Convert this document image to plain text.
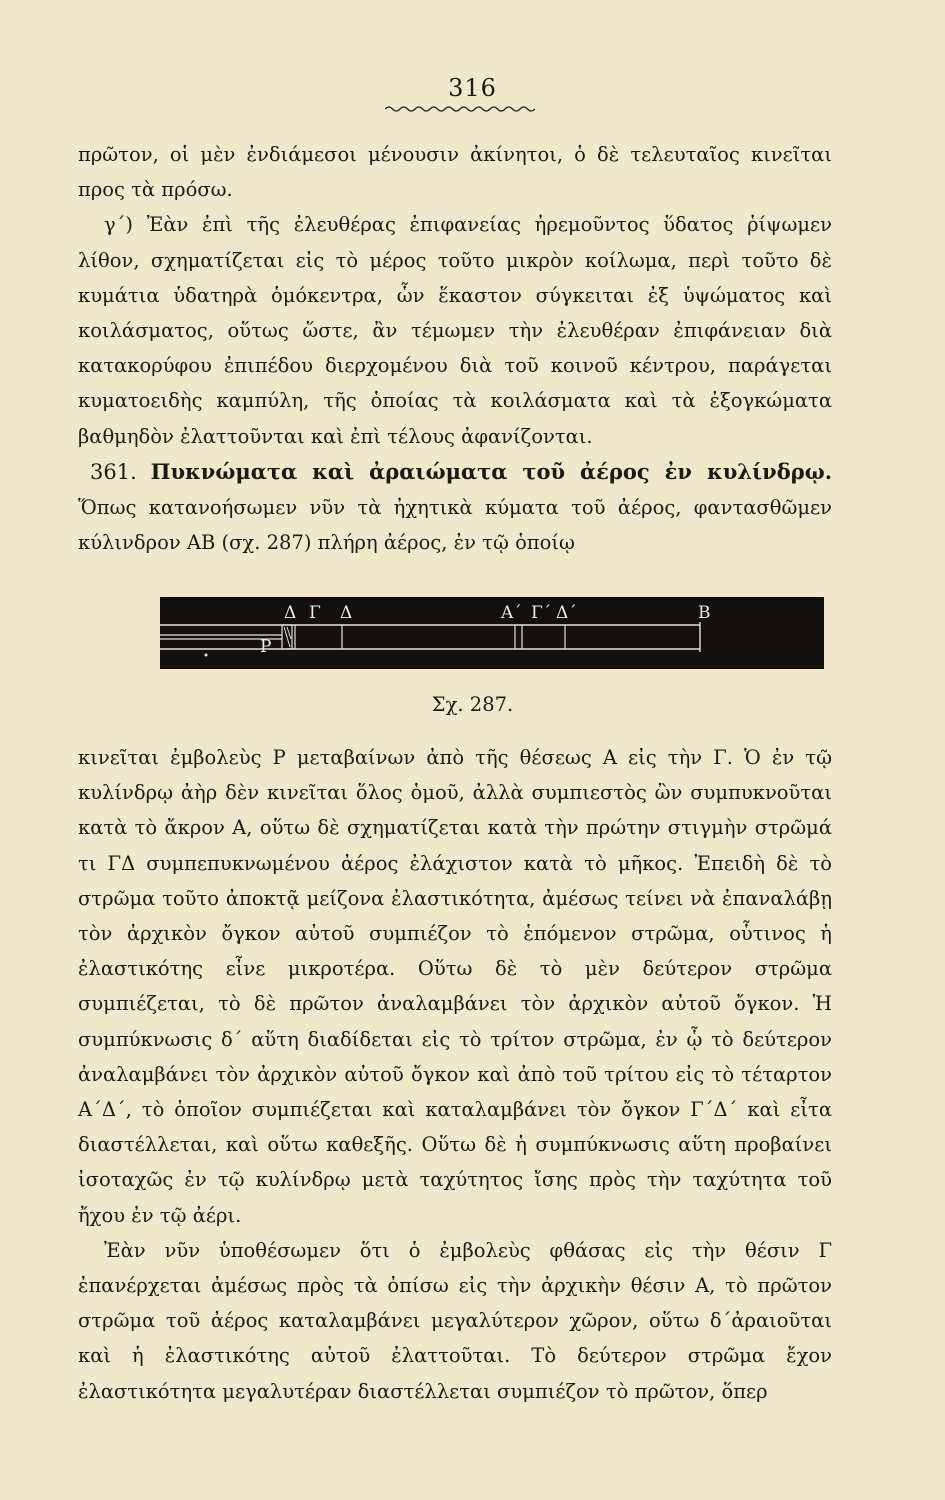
316

πρῶτον, οἱ μὲν ἐνδιάμεσοι μένουσιν ἀκίνητοι, ὁ δὲ τελευταῖος κινεῖται προς τὰ πρόσω.

γ΄) Ἐὰν ἐπὶ τῆς ἐλευθέρας ἐπιφανείας ἠρεμοῦντος ὕδατος ῥίψωμεν λίθον, σχηματίζεται εἰς τὸ μέρος τοῦτο μικρὸν κοίλωμα, περὶ τοῦτο δὲ κυμάτια ὑδατηρὰ ὁμόκεντρα, ὧν ἕκαστον σύγκειται ἐξ ὑψώματος καὶ κοιλάσματος, οὕτως ὥστε, ἂν τέμωμεν τὴν ἐλευθέραν ἐπιφάνειαν διὰ κατακορύφου ἐπιπέδου διερχομένου διὰ τοῦ κοινοῦ κέντρου, παράγεται κυματοειδὴς καμπύλη, τῆς ὁποίας τὰ κοιλάσματα καὶ τὰ ἐξογκώματα βαθμηδὸν ἐλαττοῦνται καὶ ἐπὶ τέλους ἀφανίζονται.

361. Πυκνώματα καὶ ἀραιώματα τοῦ ἀέρος ἐν κυλίνδρῳ. Ὅπως κατανοήσωμεν νῦν τὰ ἠχητικὰ κύματα τοῦ ἀέρος, φαντασθῶμεν κύλινδρον ΑΒ (σχ. 287) πλήρη ἀέρος, ἐν τῷ ὁποίῳ

Δ Γ Δ	Α΄ Γ΄ Δ΄	Β
Ρ
Σχ. 287.

κινεῖται ἐμβολεὺς Ρ μεταβαίνων ἀπὸ τῆς θέσεως Α εἰς τὴν Γ. Ὁ ἐν τῷ κυλίνδρῳ ἀὴρ δὲν κινεῖται ὅλος ὁμοῦ, ἀλλὰ συμπιεστὸς ὢν συμπυκνοῦται κατὰ τὸ ἄκρον Α, οὕτω δὲ σχηματίζεται κατὰ τὴν πρώτην στιγμὴν στρῶμά τι ΓΔ συμπεπυκνωμένου ἀέρος ἐλάχιστον κατὰ τὸ μῆκος. Ἐπειδὴ δὲ τὸ στρῶμα τοῦτο ἀποκτᾷ μείζονα ἐλαστικότητα, ἀμέσως τείνει νὰ ἐπαναλάβῃ τὸν ἀρχικὸν ὄγκον αὐτοῦ συμπιέζον τὸ ἑπόμενον στρῶμα, οὗτινος ἡ ἐλαστικότης εἶνε μικροτέρα. Οὕτω δὲ τὸ μὲν δεύτερον στρῶμα συμπιέζεται, τὸ δὲ πρῶτον ἀναλαμβάνει τὸν ἀρχικὸν αὐτοῦ ὄγκον. Ἡ συμπύκνωσις δ΄ αὕτη διαδίδεται εἰς τὸ τρίτον στρῶμα, ἐν ᾧ τὸ δεύτερον ἀναλαμβάνει τὸν ἀρχικὸν αὐτοῦ ὄγκον καὶ ἀπὸ τοῦ τρίτου εἰς τὸ τέταρτον Α΄Δ΄, τὸ ὁποῖον συμπιέζεται καὶ καταλαμβάνει τὸν ὄγκον Γ΄Δ΄ καὶ εἶτα διαστέλλεται, καὶ οὕτω καθεξῆς. Οὕτω δὲ ἡ συμπύκνωσις αὕτη προβαίνει ἰσοταχῶς ἐν τῷ κυλίνδρῳ μετὰ ταχύτητος ἴσης πρὸς τὴν ταχύτητα τοῦ ἤχου ἐν τῷ ἀέρι.

Ἐὰν νῦν ὑποθέσωμεν ὅτι ὁ ἐμβολεὺς φθάσας εἰς τὴν θέσιν Γ ἐπανέρχεται ἀμέσως πρὸς τὰ ὀπίσω εἰς τὴν ἀρχικὴν θέσιν Α, τὸ πρῶτον στρῶμα τοῦ ἀέρος καταλαμβάνει μεγαλύτερον χῶρον, οὕτω δ΄ἀραιοῦται καὶ ἡ ἐλαστικότης αὐτοῦ ἐλαττοῦται. Τὸ δεύτερον στρῶμα ἔχον ἐλαστικότητα μεγαλυτέραν διαστέλλεται συμπιέζον τὸ πρῶτον, ὅπερ
